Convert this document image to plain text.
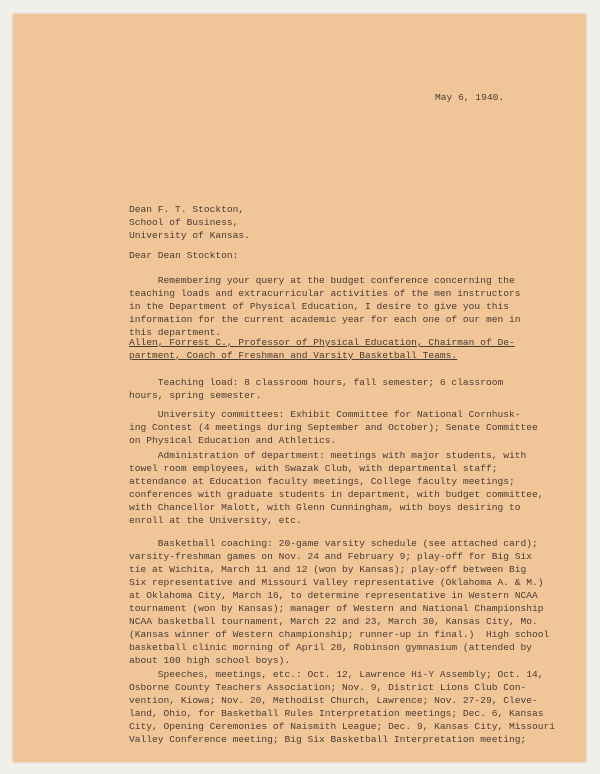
May 6, 1940.

Dean F. T. Stockton,
School of Business,
University of Kansas.

Dear Dean Stockton:

Remembering your query at the budget conference concerning the
teaching loads and extracurricular activities of the men instructors
in the Department of Physical Education, I desire to give you this
information for the current academic year for each one of our men in
this department.
Allen, Forrest C., Professor of Physical Education, Chairman of De-
partment, Coach of Freshman and Varsity Basketball Teams.
Teaching load: 8 classroom hours, fall semester; 6 classroom
hours, spring semester.
University committees: Exhibit Committee for National Cornhusk-
ing Contest (4 meetings during September and October); Senate Committee
on Physical Education and Athletics.
Administration of department: meetings with major students, with
towel room employees, with Swazak Club, with departmental staff;
attendance at Education faculty meetings, College faculty meetings;
conferences with graduate students in department, with budget committee,
with Chancellor Malott, with Glenn Cunningham, with boys desiring to
enroll at the University, etc.
Basketball coaching: 20-game varsity schedule (see attached card);
varsity-freshman games on Nov. 24 and February 9; play-off for Big Six
tie at Wichita, March 11 and 12 (won by Kansas); play-off between Big
Six representative and Missouri Valley representative (Oklahoma A. & M.)
at Oklahoma City, March 16, to determine representative in Western NCAA
tournament (won by Kansas); manager of Western and National Championship
NCAA basketball tournament, March 22 and 23, March 30, Kansas City, Mo.
(Kansas winner of Western championship; runner-up in final.)  High school
basketball clinic morning of April 20, Robinson gymnasium (attended by
about 100 high school boys).
Speeches, meetings, etc.: Oct. 12, Lawrence Hi-Y Assembly; Oct. 14,
Osborne County Teachers Association; Nov. 9, District Lions Club Con-
vention, Kiowa; Nov. 20, Methodist Church, Lawrence; Nov. 27-29, Cleve-
land, Ohio, for Basketball Rules Interpretation meetings; Dec. 6, Kansas
City, Opening Ceremonies of Naismith League; Dec. 9, Kansas City, Missouri
Valley Conference meeting; Big Six Basketball Interpretation meeting;
